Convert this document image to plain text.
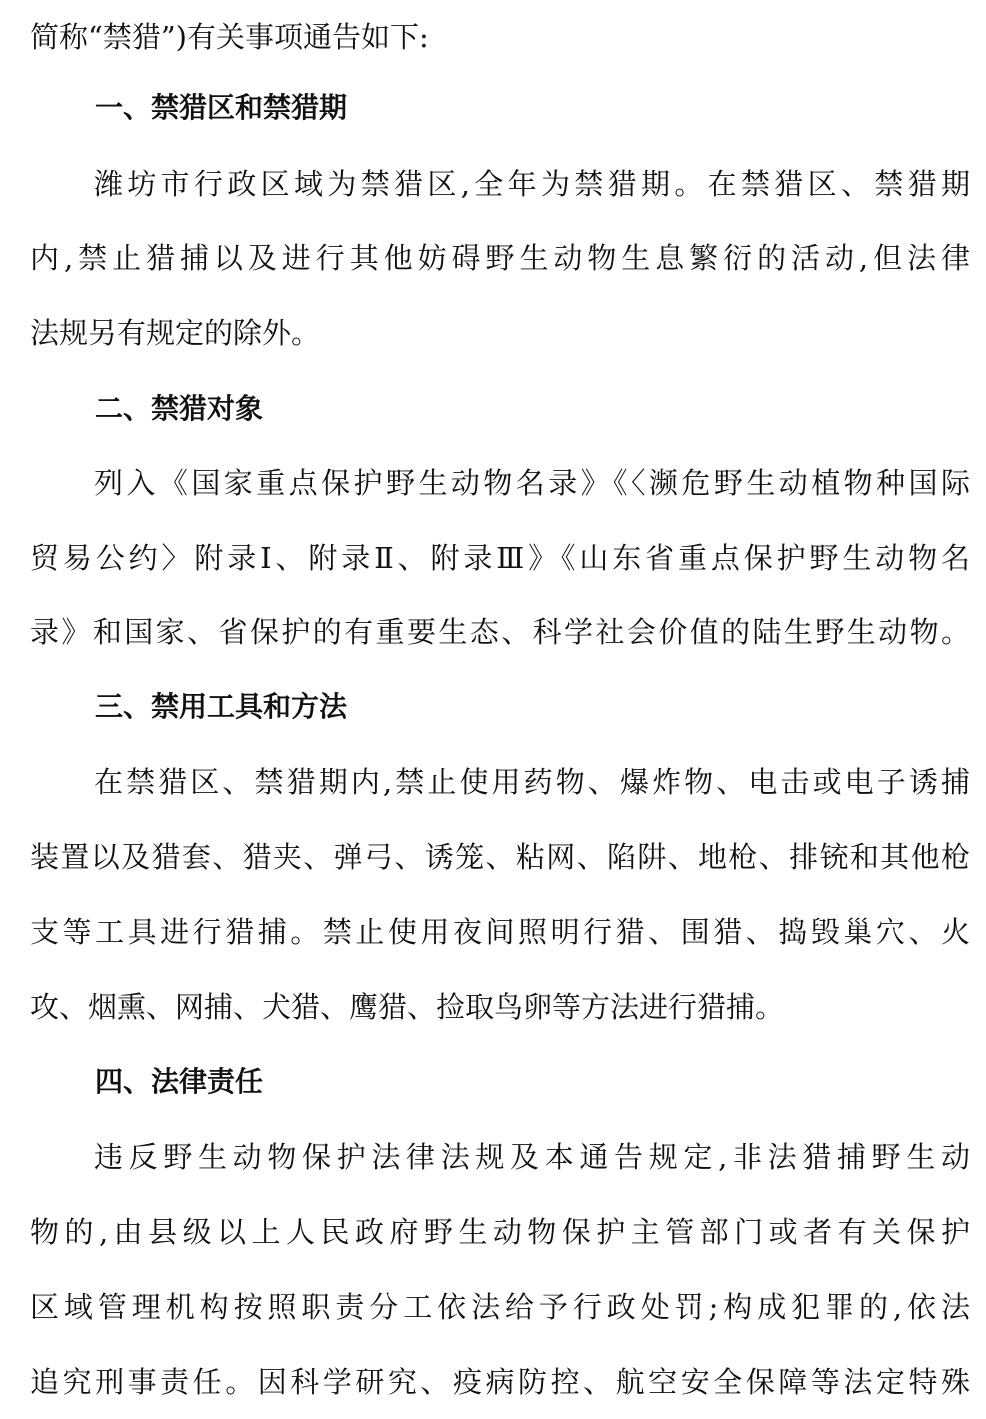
简称“禁猎”)有关事项通告如下:
一、禁猎区和禁猎期
潍坊市行政区域为禁猎区,全年为禁猎期。在禁猎区、禁猎期
内,禁止猎捕以及进行其他妨碍野生动物生息繁衍的活动,但法律
法规另有规定的除外。
二、禁猎对象
列入《国家重点保护野生动物名录》《〈濒危野生动植物种国际
贸易公约〉附录Ⅰ、附录Ⅱ、附录Ⅲ》《山东省重点保护野生动物名
录》和国家、省保护的有重要生态、科学社会价值的陆生野生动物。
三、禁用工具和方法
在禁猎区、禁猎期内,禁止使用药物、爆炸物、电击或电子诱捕
装置以及猎套、猎夹、弹弓、诱笼、粘网、陷阱、地枪、排铳和其他枪
支等工具进行猎捕。禁止使用夜间照明行猎、围猎、捣毁巢穴、火
攻、烟熏、网捕、犬猎、鹰猎、捡取鸟卵等方法进行猎捕。
四、法律责任
违反野生动物保护法律法规及本通告规定,非法猎捕野生动
物的,由县级以上人民政府野生动物保护主管部门或者有关保护
区域管理机构按照职责分工依法给予行政处罚;构成犯罪的,依法
追究刑事责任。因科学研究、疫病防控、航空安全保障等法定特殊
